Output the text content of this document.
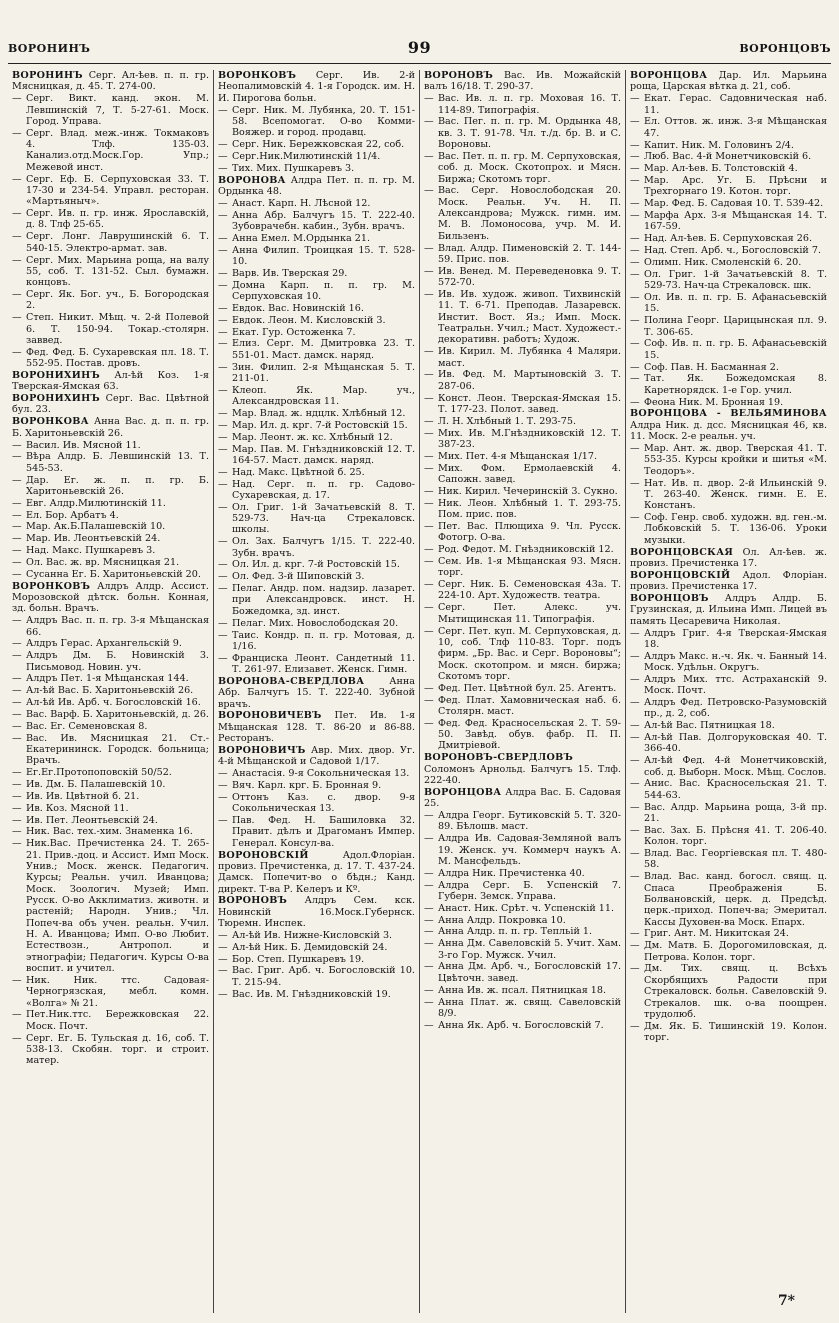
ВОРОНИНЪ	99	ВОРОНЦОВЪ
ВОРОНИНЪ Серг. Ал-ѣев. п. п. гр. Мясницкая, д. 45. Т. 274-00.
— Серг. Викт. канд. экон. М. Левшинскій 7, Т. 5-27-61. Моск. Город. Управа.
— Серг. Влад. меж.-инж. Токмаковъ 4. Тлф. 135-03. Канализ.отд.Моск.Гор. Упр.; Межевой инст.
— Серг. Еф. Б. Серпуховская 33. Т. 17-30 и 234-54. Управл. ресторан. «Мартьяныч».
— Серг. Ив. п. гр. инж. Ярославскій, д. 8. Тлф 25-65.
— Серг. Лонг. Лаврушинскій 6. Т. 540-15. Электро-армат. зав.
— Серг. Мих. Марьина роща, на валу 55, соб. Т. 131-52. Сыл. бумажн. концовъ.
— Серг. Як. Бог. уч., Б. Богородская 2.
— Степ. Никит. Мѣщ. ч. 2-й Полевой 6. Т. 150-94. Токар.-столярн. заввед.
— Фед. Фед. Б. Сухаревская пл. 18. Т. 552-95. Постав. дровъ.
ВОРОНИХИНЪ Ал-ѣй Коз. 1-я Тверская-Ямская 63.
ВОРОНИХИНЪ Серг. Вас. Цвѣтной бул. 23.
ВОРОНКОВА Анна Вас. д. п. п. гр. Б. Харитоньевскій 26.
— Васил. Ив. Мясной 11.
— Вѣра Алдр. Б. Левшинскій 13. Т. 545-53.
— Дар. Ег. ж. п. п. гр. Б. Харитоньевскій 26.
— Евг. Алдр.Милютинскій 11.
— Ел. Бор. Арбатъ 4.
— Мар. Ак.Б.Палашевскій 10.
— Мар. Ив. Леонтьевскій 24.
— Над. Макс. Пушкаревъ 3.
— Ол. Вас. ж. вр. Мясницкая 21.
— Сусанна Ег. Б. Харитоньевскій 20.
ВОРОНКОВЪ Алдръ Алдр. Ассист. Морозовской дѣтск. больн. Конная, зд. больн. Врачъ.
— Алдръ Вас. п. п. гр. 3-я Мѣщанская 66.
— Алдръ Герас. Архангельскій 9.
— Алдръ Дм. Б. Новинскій 3. Письмовод. Новин. уч.
— Алдръ Пет. 1-я Мѣщанская 144.
— Ал-ѣй Вас. Б. Харитоньевскій 26.
— Ал-ѣй Ив. Арб. ч. Богословскій 16.
— Вас. Варф. Б. Харитоньевскій, д. 26.
— Вас. Ег. Семеновская 8.
— Вас. Ив. Мясницкая 21. Ст.-Екатерининск. Городск. больница; Врачъ.
— Ег.Ег.Протопоповскій 50/52.
— Ив. Дм. Б. Палашевскій 10.
— Ив. Ив. Цвѣтной б. 21.
— Ив. Коз. Мясной 11.
— Ив. Пет. Леонтьевскій 24.
— Ник. Вас. тех.-хим. Знаменка 16.
— Ник.Вас. Пречистенка 24. Т. 265-21. Прив.-доц. и Ассист. Имп Моск. Унив.; Моск. женск. Педагогич. Курсы; Реальн. учил. Иванцова; Моск. Зоологич. Музей; Имп. Русск. О-во Акклиматиз. животн. и растеній; Народн. Унив.; Чл. Попеч-ва объ учен. реальн. Учил. Н. А. Иванцова; Имп. О-во Любит. Естествозн., Антропол. и этнографіи; Педагогич. Курсы О-ва воспит. и учител.
— Ник. Ник. ттс. Садовая-Черногрязская, мебл. комн. «Волга» № 21.
— Пет.Ник.ттс. Бережковская 22. Моск. Почт.
— Серг. Ег. Б. Тульская д. 16, соб. Т. 538-13. Скобян. торг. и строит. матер.
ВОРОНКОВЪ Серг. Ив. 2-й Неопалимовскій 4. 1-я Городск. им. Н. И. Пирогова больн.
— Серг. Ник. М. Лубянка, 20. Т. 151-58. Всепомогат. О-во Комми-Вояжер. и город. продавц.
— Серг. Ник. Бережковская 22, соб.
— Серг.Ник.Милютинскій 11/4.
— Тих. Мих. Пушкаревъ 3.
ВОРОНОВА Алдра Пет. п. п. гр. М. Ордынка 48.
— Анаст. Карп. Н. Лѣсной 12.
— Анна Абр. Балчугъ 15. Т. 222-40. Зубоврачебн. кабин., Зубн. врачъ.
— Анна Емел. М.Ордынка 21.
— Анна Филип. Троицкая 15. Т. 528-10.
— Варв. Ив. Тверская 29.
— Домна Карп. п. п. гр. М. Серпуховская 10.
— Евдок. Вас. Новинскій 16.
— Евдок. Леон. М. Кисловскій 3.
— Екат. Гур. Остоженка 7.
— Елиз. Серг. М. Дмитровка 23. Т. 551-01. Маст. дамск. наряд.
— Зин. Филип. 2-я Мѣщанская 5. Т. 211-01.
— Клеоп. Як. Мар. уч., Александровская 11.
— Мар. Влад. ж. ндцлк. Хлѣбный 12.
— Мар. Ил. д. крг. 7-й Ростовскій 15.
— Мар. Леонт. ж. кс. Хлѣбный 12.
— Мар. Пав. М. Гнѣздниковскій 12. Т. 164-57. Маст. дамск. наряд.
— Над. Макс. Цвѣтной б. 25.
— Над. Серг. п. п. гр. Садово-Сухаревская, д. 17.
— Ол. Григ. 1-й Зачатьевскій 8. Т. 529-73. Нач-ца Стрекаловск. школы.
— Ол. Зах. Балчугъ 1/15. Т. 222-40. Зубн. врачъ.
— Ол. Ил. д. крг. 7-й Ростовскій 15.
— Ол. Фед. 3-й Шиповскій 3.
— Пелаг. Андр. пом. надзир. лазарет. при Александровск. инст. Н. Божедомка, зд. инст.
— Пелаг. Мих. Новослободская 20.
— Таис. Кондр. п. п. гр. Мотовая, д. 1/16.
— Франциска Леонт. Сандетный 11. Т. 261-97. Елизавет. Женск. Гимн.
ВОРОНОВА-СВЕРДЛОВА	Анна Абр. Балчугъ 15. Т. 222-40. Зубной врачъ.
ВОРОНОВИЧЕВЪ Пет. Ив. 1-я Мѣщанская 128. Т. 86-20 и 86-88. Ресторанъ.
ВОРОНОВИЧЪ Авр. Мих. двор. Уг. 4-й Мѣщанской и Садовой 1/17.
— Анастасія. 9-я Сокольническая 13.
— Вяч. Карл. крг. Б. Бронная 9.
— Оттонъ Каз. с. двор. 9-я Сокольническая 13.
— Пав. Фед. Н. Башиловка 32. Правит. дѣлъ и Драгоманъ Импер. Генерал. Консул-ва.
ВОРОНОВСКІЙ	Адол.Флоріан. провиз. Пречистенка, д. 17. Т. 437-24. Дамск. Попечит-во о бѣдн.; Канд. директ. Т-ва Р. Келеръ и Кº.
ВОРОНОВЪ Алдръ Сем. кск. Новинскій 16.Моск.Губернск. Тюремн. Инспек.
— Ал-ѣй Ив. Нижне-Кисловскій 3.
— Ал-ѣй Ник. Б. Демидовскій 24.
— Бор. Степ. Пушкаревъ 19.
— Вас. Григ. Арб. ч. Богословскій 10. Т. 215-94.
— Вас. Ив. М. Гнѣздниковскій 19.
ВОРОНОВЪ Вас. Ив. Можайскій валъ 16/18. Т. 290-37.
— Вас. Ив. л. п. гр. Моховая 16. Т. 114-89. Типографія.
— Вас. Пег. п. п. гр. М. Ордынка 48, кв. 3. Т. 91-78. Чл. т./д. бр. В. и С. Вороновы.
— Вас. Пет. п. п. гр. М. Серпуховская, соб. д. Моск. Скотопрох. и Мясн. Биржа; Скотомъ торг.
— Вас. Серг. Новослободская 20. Моск. Реальн. Уч. Н. П. Александрова; Мужск. гимн. им. М. В. Ломоносова, учр. М. И. Бильзенъ.
— Влад. Алдр. Пименовскій 2. Т. 144-59. Прис. пов.
— Ив. Венед. М. Переведеновка 9. Т. 572-70.
— Ив. Ив. худож. живоп. Тихвинскій 11. Т. 6-71. Преподав. Лазаревск. Инстит. Вост. Яз.; Имп. Моск. Театральн. Учил.; Маст. Художест.-декоративн. работъ; Худож.
— Ив. Кирил. М. Лубянка 4 Маляри. маст.
— Ив. Фед. М. Мартыновскій 3. Т. 287-06.
— Конст. Леон. Тверская-Ямская 15. Т. 177-23. Полот. завед.
— Л. Н. Хлѣбный 1. Т. 293-75.
— Мих. Ив. М.Гнѣздниковскій 12. Т. 387-23.
— Мих. Пет. 4-я Мѣщанская 1/17.
— Мих. Фом. Ермолаевскій 4. Сапожн. завед.
— Ник. Кирил. Чечеринскій 3. Сукно.
— Ник. Леон. Хлѣбный 1. Т. 293-75. Пом. прис. пов.
— Пет. Вас. Плющиха 9. Чл. Русск. Фотогр. О-ва.
— Род. Федот. М. Гнѣздниковскій 12.
— Сем. Ив. 1-я Мѣщанская 93. Мясн. торг.
— Серг. Ник. Б. Семеновская 43а. Т. 224-10. Арт. Художеств. театра.
— Серг. Пет. Алекс. уч. Мытищинская 11. Типографія.
— Серг. Пет. куп. М. Серпуховская, д. 10, соб. Тлф 110-83. Торг. подъ фирм. „Бр. Вас. и Серг. Вороновы“; Моск. скотопром. и мясн. биржа; Скотомъ торг.
— Фед. Пет. Цвѣтной бул. 25. Агентъ.
— Фед. Плат. Хамовническая наб. 6. Столярн. маст.
— Фед. Фед. Красносельская 2. Т. 59-50. Завѣд. обув. фабр. П. П. Дмитріевой.
ВОРОНОВЪ-СВЕРДЛОВЪ Соломонъ Арнольд. Балчугъ 15. Тлф. 222-40.
ВОРОНЦОВА Алдра Вас. Б. Садовая 25.
— Алдра Георг. Бутиковскій 5. Т. 320-89. Бѣлошв. маст.
— Алдра Ив. Садовая-Земляной валъ 19. Женск. уч. Коммерч наукъ А. М. Мансфельдъ.
— Алдра Ник. Пречистенка 40.
— Алдра Серг. Б. Успенскій 7. Губерн. Земск. Управа.
— Анаст. Ник. Срѣт. ч. Успенскій 11.
— Анна Алдр. Покровка 10.
— Анна Алдр. п. п. гр. Тепльій 1.
— Анна Дм. Савеловскій 5. Учит. Хам. 3-го Гор. Мужск. Учил.
— Анна Дм. Арб. ч., Богословскій 17. Цвѣточн. завед.
— Анна Ив. ж. псал. Пятницкая 18.
— Анна Плат. ж. свящ. Савеловскій 8/9.
— Анна Як. Арб. ч. Богословскій 7.
ВОРОНЦОВА Дар. Ил. Марьина роща, Царская вѣтка д. 21, соб.
— Екат. Герас. Садовническая наб. 11.
— Ел. Оттов. ж. инж. 3-я Мѣщанская 47.
— Капит. Ник. М. Головинъ 2/4.
— Люб. Вас. 4-й Монетчиковскій 6.
— Мар. Ал-ѣев. Б. Толстовскій 4.
— Мар. Арс. Уг. Б. Прѣсни и Трехгорнаго 19. Котон. торг.
— Мар. Фед. Б. Садовая 10. Т. 539-42.
— Марфа Арх. 3-я Мѣщанская 14. Т. 167-59.
— Над. Ал-ѣев. Б. Серпуховская 26.
— Над. Степ. Арб. ч., Богословскій 7.
— Олимп. Ник. Смоленскій 6. 20.
— Ол. Григ. 1-й Зачатьевскій 8. Т. 529-73. Нач-ца Стрекаловск. шк.
— Ол. Ив. п. п. гр. Б. Афанасьевскій 15.
— Полина Георг. Царицынская пл. 9. Т. 306-65.
— Соф. Ив. п. п. гр. Б. Афанасьевскій 15.
— Соф. Пав. Н. Басманная 2.
— Тат. Як. Божедомская 8. Каретнорядск. 1-е Гор. учил.
— Феона Ник. М. Бронная 19.
ВОРОНЦОВА - ВЕЛЬЯМИНОВА Алдра Ник. д. дсс. Мясницкая 46, кв. 11. Моск. 2-е реальн. уч.
— Мар. Ант. ж. двор. Тверская 41. Т. 553-35. Курсы кройки и шитья «М. Теодоръ».
— Нат. Ив. п. двор. 2-й Ильинскій 9. Т. 263-40. Женск. гимн. Е. Е. Констанъ.
— Соф. Генр. своб. художн. вд. ген.-м. Лобковскій 5. Т. 136-06. Уроки музыки.
ВОРОНЦОВСКАЯ Ол. Ал-ѣев. ж. провиз. Пречистенка 17.
ВОРОНЦОВСКІЙ Адол. Флоріан. провиз. Пречистенка 17.
ВОРОНЦОВЪ Алдръ Алдр. Б. Грузинская, д. Ильина Имп. Лицей въ память Цесаревича Николая.
— Алдръ Григ. 4-я Тверская-Ямская 18.
— Алдръ Макс. н.-ч. Як. ч. Банный 14. Моск. Удѣльн. Округъ.
— Алдръ Мих. ттс. Астраханскій 9. Моск. Почт.
— Алдръ Фед. Петровско-Разумовскій пр., д. 2, соб.
— Ал-ѣй Вас. Пятницкая 18.
— Ал-ѣй Пав. Долгоруковская 40. Т. 366-40.
— Ал-ѣй Фед. 4-й Монетчиковскій, соб. д. Выборн. Моск. Мѣщ. Сослов.
— Анис. Вас. Красносельская 21. Т. 544-63.
— Вас. Алдр. Марьина роща, 3-й пр. 21.
— Вас. Зах. Б. Прѣсня 41. Т. 206-40. Колон. торг.
— Влад. Вас. Георгіевская пл. Т. 480-58.
— Влад. Вас. канд. богосл. свящ. ц. Спаса Преображенія Б. Болвановскій, церк. д. Предсѣд. церк.-приход. Попеч-ва; Эмеритал. Кассы Духовен-ва Моск. Епарх.
— Григ. Ант. М. Никитская 24.
— Дм. Матв. Б. Дорогомиловская, д. Петрова. Колон. торг.
— Дм. Тих. свящ. ц. Всѣхъ Скорбящихъ Радости при Стрекаловск. больн. Савеловскій 9. Стрекалов. шк. о-ва поощрен. трудолюб.
— Дм. Як. Б. Тишинскій 19. Колон. торг.
7*
